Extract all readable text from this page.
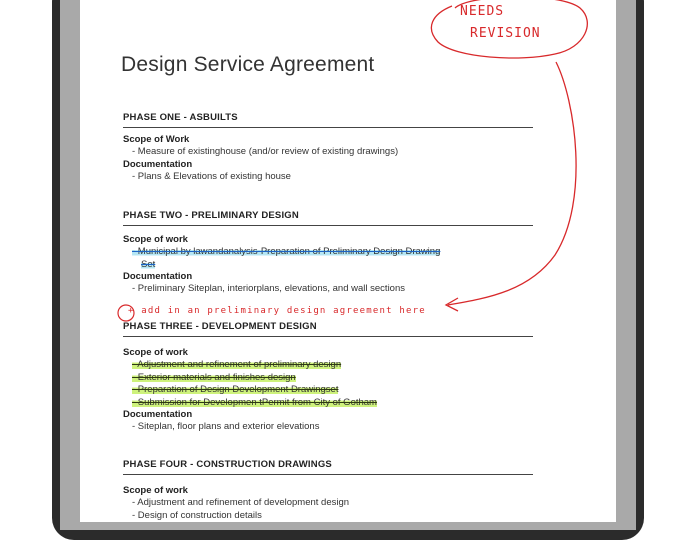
Design Service Agreement
PHASE ONE - ASBUILTS
Scope of Work
- Measure of existinghouse (and/or review of existing drawings)
Documentation
- Plans & Elevations of existing house
PHASE TWO - PRELIMINARY DESIGN
Scope of work
- Municipal by lawandanalysis-Preparation of Preliminary Design Drawing
Set
Documentation
- Preliminary Siteplan, interiorplans, elevations, and wall sections
PHASE THREE - DEVELOPMENT DESIGN
Scope of work
- Adjustment and refinement of preliminary design
- Exterior materials and finishes design
- Preparation of Design Development Drawingset
- Submission for Developmen tPermit from City of Gotham
Documentation
- Siteplan, floor plans and exterior elevations
PHASE FOUR - CONSTRUCTION DRAWINGS
Scope of work
- Adjustment and refinement of development design
- Design of construction details
NEEDS
REVISION
+ add in an preliminary design agreement here
